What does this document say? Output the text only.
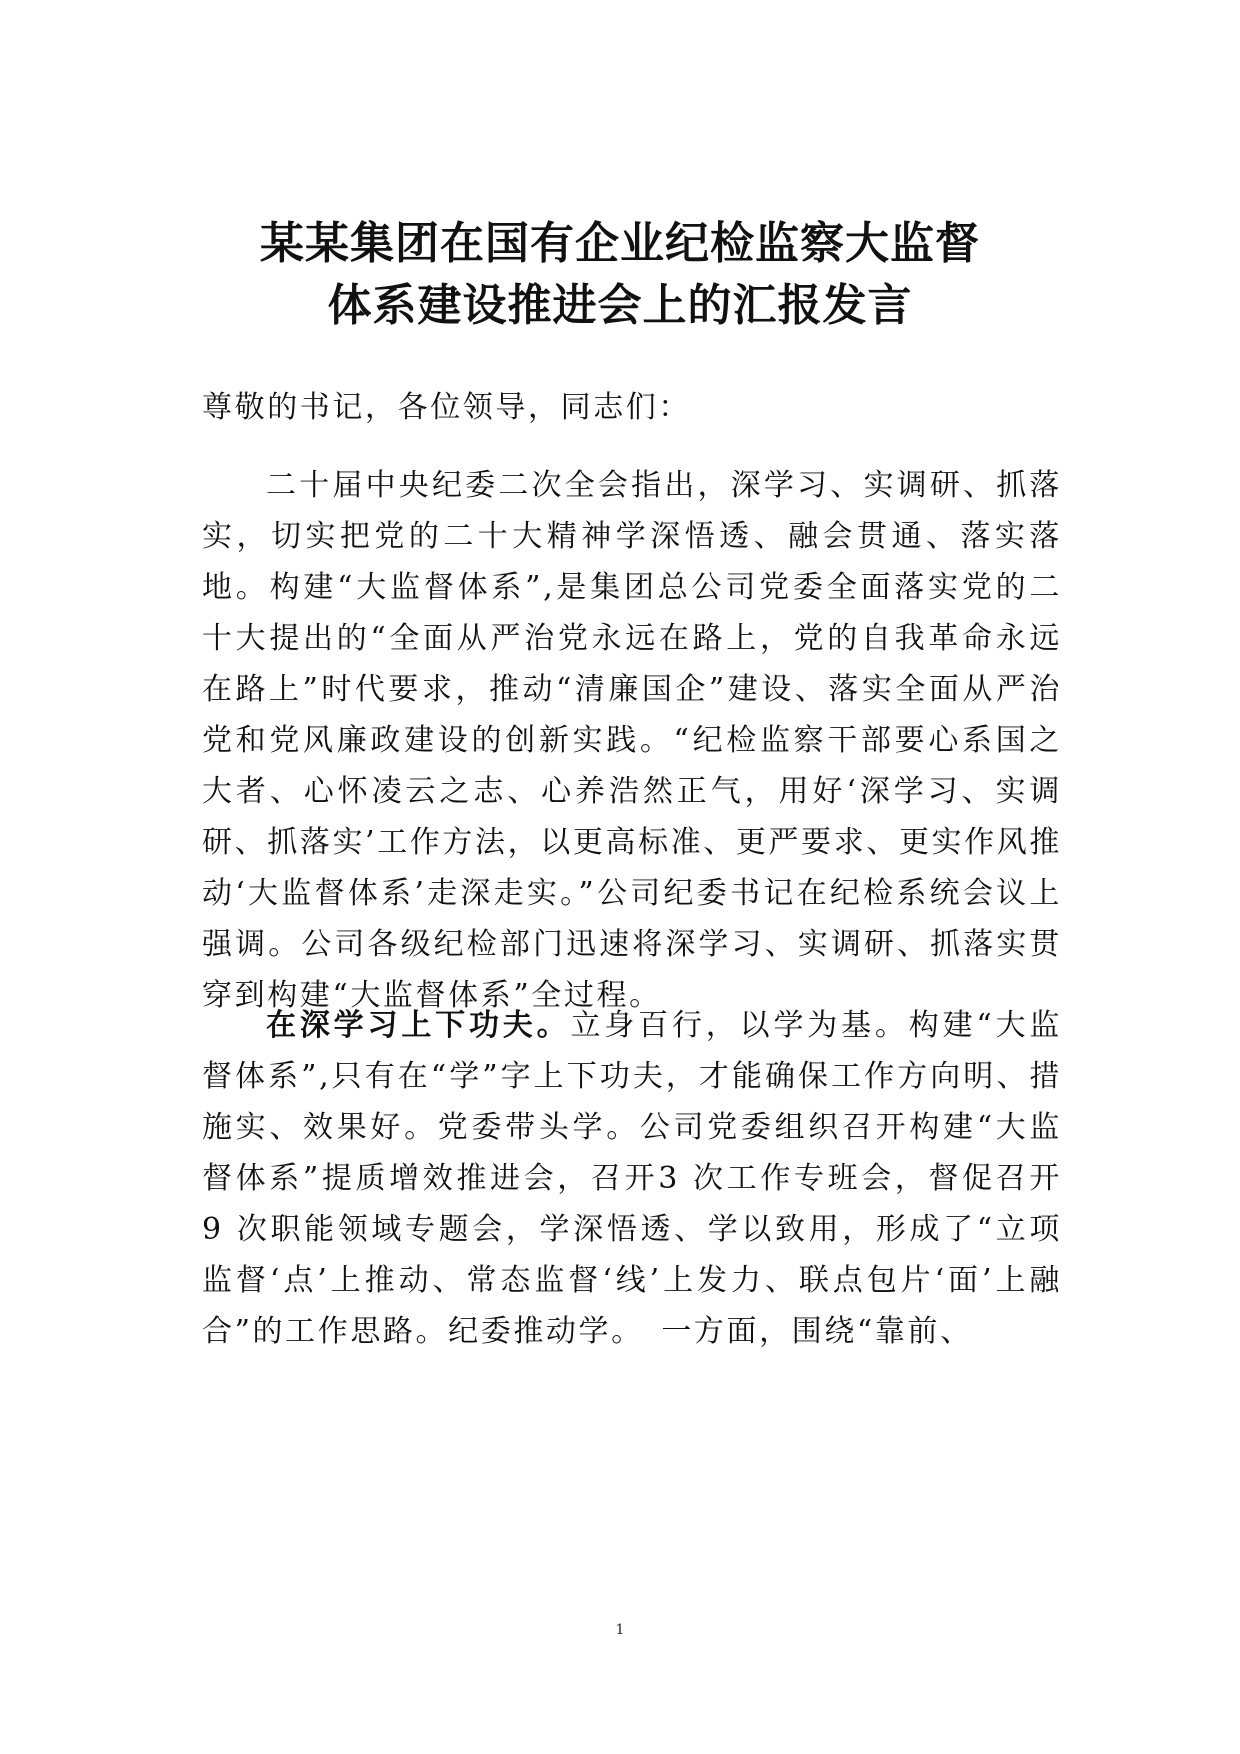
某某集团在国有企业纪检监察大监督
体系建设推进会上的汇报发言

尊敬的书记，各位领导，同志们：

二十届中央纪委二次全会指出，深学习、实调研、抓落实，切实把党的二十大精神学深悟透、融会贯通、落实落地。构建“大监督体系”,是集团总公司党委全面落实党的二十大提出的“全面从严治党永远在路上，党的自我革命永远在路上”时代要求，推动“清廉国企”建设、落实全面从严治党和党风廉政建设的创新实践。“纪检监察干部要心系国之大者、心怀凌云之志、心养浩然正气，用好‘深学习、实调研、抓落实’工作方法，以更高标准、更严要求、更实作风推动‘大监督体系’走深走实。”公司纪委书记在纪检系统会议上强调。公司各级纪检部门迅速将深学习、实调研、抓落实贯穿到构建“大监督体系”全过程。

在深学习上下功夫。立身百行，以学为基。构建“大监督体系”,只有在“学”字上下功夫，才能确保工作方向明、措施实、效果好。党委带头学。公司党委组织召开构建“大监督体系”提质增效推进会，召开3 次工作专班会，督促召开 9 次职能领域专题会，学深悟透、学以致用，形成了“立项监督‘点’上推动、常态监督‘线’上发力、联点包片‘面’上融合”的工作思路。纪委推动学。　一方面，围绕“靠前、

1
